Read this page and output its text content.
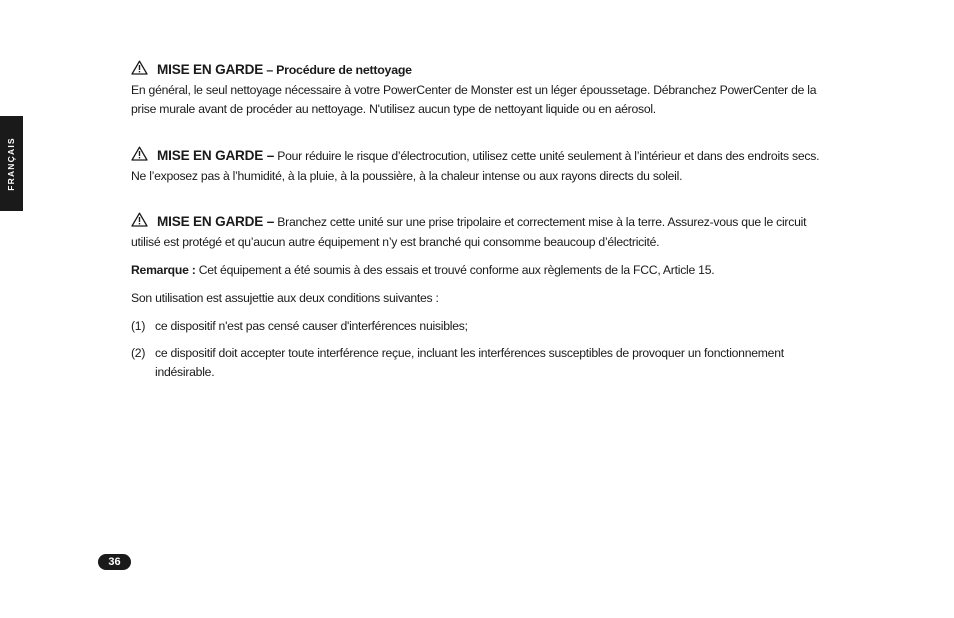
FRANÇAIS

MISE EN GARDE – Procédure de nettoyage
En général, le seul nettoyage nécessaire à votre PowerCenter de Monster est un léger époussetage. Débranchez PowerCenter de la prise murale avant de procéder au nettoyage. N'utilisez aucun type de nettoyant liquide ou en aérosol.

MISE EN GARDE – Pour réduire le risque d’électrocution, utilisez cette unité seulement à l’intérieur et dans des endroits secs. Ne l’exposez pas à l’humidité, à la pluie, à la poussière, à la chaleur intense ou aux rayons directs du soleil.

MISE EN GARDE – Branchez cette unité sur une prise tripolaire et correctement mise à la terre. Assurez-vous que le circuit utilisé est protégé et qu’aucun autre équipement n’y est branché qui consomme beaucoup d’électricité.

Remarque : Cet équipement a été soumis à des essais et trouvé conforme aux règlements de la FCC, Article 15.

Son utilisation est assujettie aux deux conditions suivantes :

(1) ce dispositif n'est pas censé causer d'interférences nuisibles;
(2) ce dispositif doit accepter toute interférence reçue, incluant les interférences susceptibles de provoquer un fonctionnement indésirable.
36
